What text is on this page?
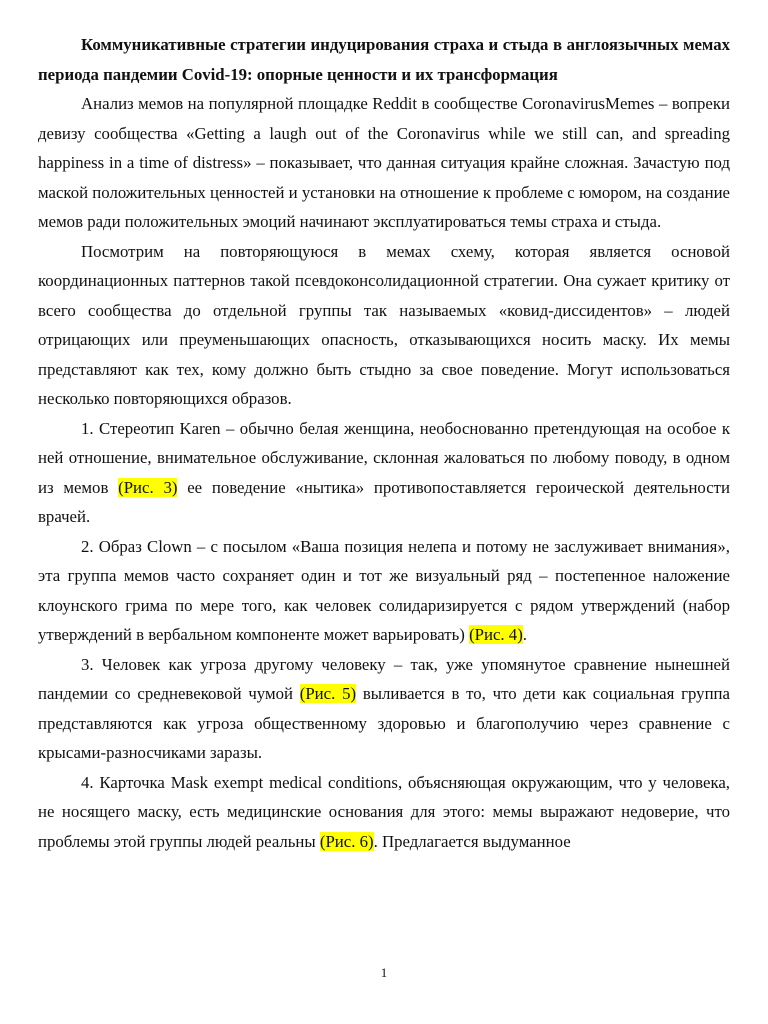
Коммуникативные стратегии индуцирования страха и стыда в англоязычных мемах периода пандемии Covid-19: опорные ценности и их трансформация

Анализ мемов на популярной площадке Reddit в сообществе CoronavirusMemes – вопреки девизу сообщества «Getting a laugh out of the Coronavirus while we still can, and spreading happiness in a time of distress» – показывает, что данная ситуация крайне сложная. Зачастую под маской положительных ценностей и установки на отношение к проблеме с юмором, на создание мемов ради положительных эмоций начинают эксплуатироваться темы страха и стыда.

Посмотрим на повторяющуюся в мемах схему, которая является основой координационных паттернов такой псевдоконсолидационной стратегии. Она сужает критику от всего сообщества до отдельной группы так называемых «ковид-диссидентов» – людей отрицающих или преуменьшающих опасность, отказывающихся носить маску. Их мемы представляют как тех, кому должно быть стыдно за свое поведение. Могут использоваться несколько повторяющихся образов.

1. Стереотип Karen – обычно белая женщина, необоснованно претендующая на особое к ней отношение, внимательное обслуживание, склонная жаловаться по любому поводу, в одном из мемов (Рис. 3) ее поведение «нытика» противопоставляется героической деятельности врачей.

2. Образ Clown – с посылом «Ваша позиция нелепа и потому не заслуживает внимания», эта группа мемов часто сохраняет один и тот же визуальный ряд – постепенное наложение клоунского грима по мере того, как человек солидаризируется с рядом утверждений (набор утверждений в вербальном компоненте может варьировать) (Рис. 4).

3. Человек как угроза другому человеку – так, уже упомянутое сравнение нынешней пандемии со средневековой чумой (Рис. 5) выливается в то, что дети как социальная группа представляются как угроза общественному здоровью и благополучию через сравнение с крысами-разносчиками заразы.

4. Карточка Mask exempt medical conditions, объясняющая окружающим, что у человека, не носящего маску, есть медицинские основания для этого: мемы выражают недоверие, что проблемы этой группы людей реальны (Рис. 6). Предлагается выдуманное

1
